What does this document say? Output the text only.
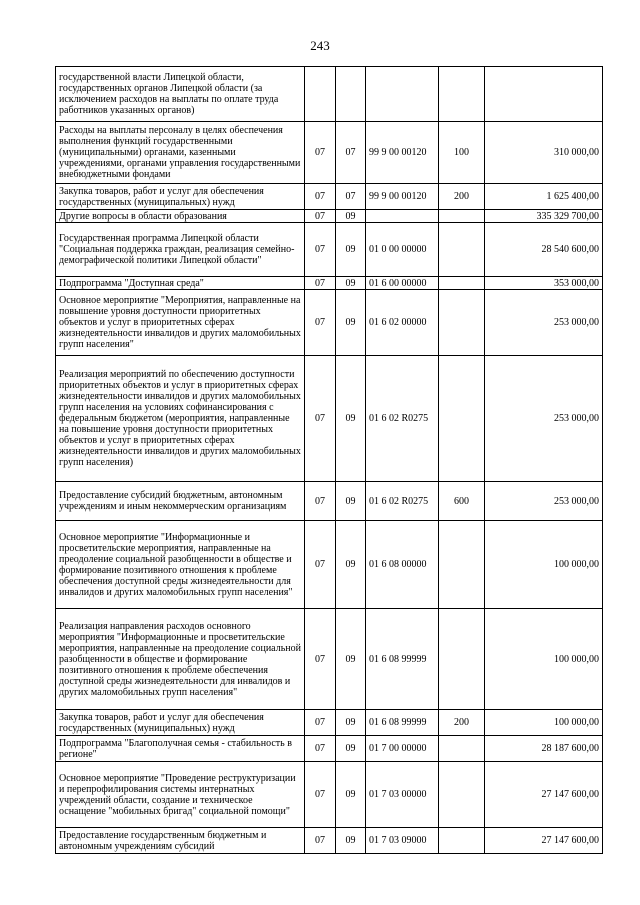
243
государственной власти Липецкой области, государственных органов Липецкой области (за исключением расходов на выплаты по оплате труда работников указанных органов)					
Расходы на выплаты персоналу в целях обеспечения выполнения функций государственными (муниципальными) органами, казенными учреждениями, органами управления государственными внебюджетными фондами	07	07	99 9 00 00120	100	310 000,00
Закупка товаров, работ и услуг для обеспечения государственных (муниципальных) нужд	07	07	99 9 00 00120	200	1 625 400,00
Другие вопросы в области образования	07	09			335 329 700,00
Государственная программа Липецкой области "Социальная поддержка граждан, реализация семейно-демографической политики Липецкой области"	07	09	01 0 00 00000		28 540 600,00
Подпрограмма "Доступная среда"	07	09	01 6 00 00000		353 000,00
Основное мероприятие "Мероприятия, направленные на повышение уровня доступности приоритетных объектов и услуг в приоритетных сферах жизнедеятельности инвалидов и других маломобильных групп населения"	07	09	01 6 02 00000		253 000,00
Реализация мероприятий по обеспечению доступности приоритетных объектов и услуг в приоритетных сферах жизнедеятельности инвалидов и других маломобильных групп населения на условиях софинансирования с федеральным бюджетом (мероприятия, направленные на повышение уровня доступности приоритетных объектов и услуг в приоритетных сферах жизнедеятельности инвалидов и других маломобильных групп населения)	07	09	01 6 02 R0275		253 000,00
Предоставление субсидий бюджетным, автономным учреждениям и иным некоммерческим организациям	07	09	01 6 02 R0275	600	253 000,00
Основное мероприятие "Информационные и просветительские мероприятия, направленные на преодоление социальной разобщенности в обществе и формирование позитивного отношения к проблеме обеспечения доступной среды жизнедеятельности для инвалидов и других маломобильных групп населения"	07	09	01 6 08 00000		100 000,00
Реализация направления расходов основного мероприятия "Информационные и просветительские мероприятия, направленные на преодоление социальной разобщенности в обществе и формирование позитивного отношения к проблеме обеспечения доступной среды жизнедеятельности для инвалидов и других маломобильных групп населения"	07	09	01 6 08 99999		100 000,00
Закупка товаров, работ и услуг для обеспечения государственных (муниципальных) нужд	07	09	01 6 08 99999	200	100 000,00
Подпрограмма "Благополучная семья - стабильность в регионе"	07	09	01 7 00 00000		28 187 600,00
Основное мероприятие "Проведение реструктуризации и перепрофилирования системы интернатных учреждений области, создание и техническое оснащение "мобильных бригад" социальной помощи"	07	09	01 7 03 00000		27 147 600,00
Предоставление государственным бюджетным и автономным учреждениям субсидий	07	09	01 7 03 09000		27 147 600,00
